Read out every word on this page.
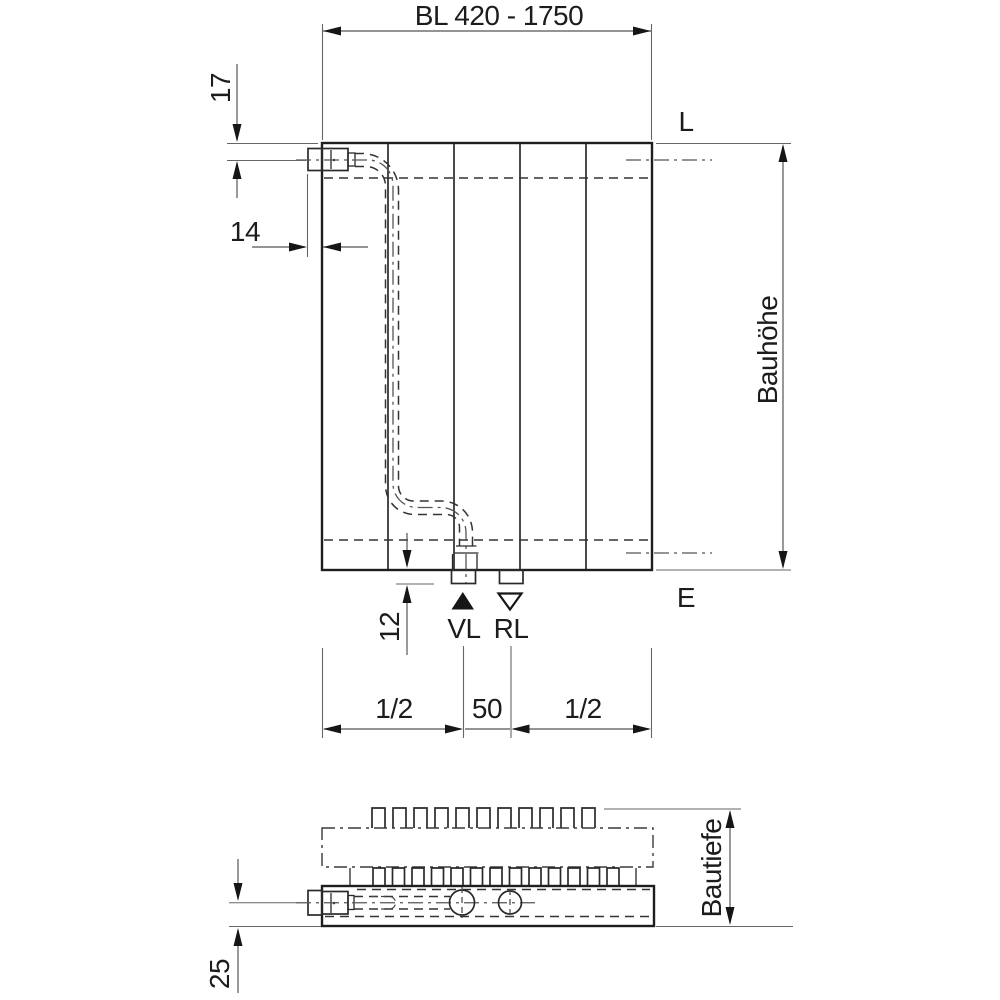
VL RL
L
E
BL 420 - 1750
17
14
Bauhöhe
12
1/2 50 1/2
25
Bautiefe
